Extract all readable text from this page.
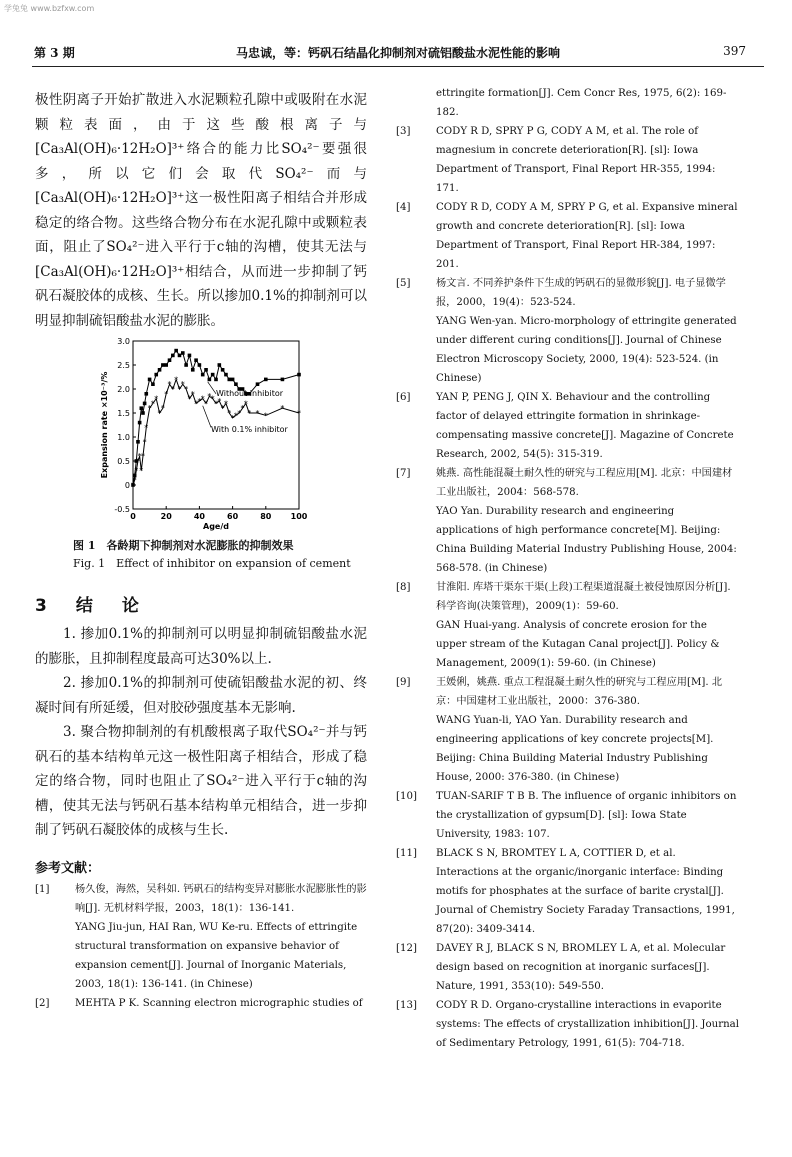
学兔兔 www.bzfxw.com
第 3 期	马忠诚，等：钙矾石结晶化抑制剂对硫铝酸盐水泥性能的影响	397

极性阴离子开始扩散进入水泥颗粒孔隙中或吸附在水泥颗粒表面，由于这些酸根离子与[Ca₃Al(OH)₆·12H₂O]³⁺络合的能力比SO₄²⁻要强很多，所以它们会取代SO₄²⁻而与[Ca₃Al(OH)₆·12H₂O]³⁺这一极性阳离子相结合并形成稳定的络合物。这些络合物分布在水泥孔隙中或颗粒表面，阻止了SO₄²⁻进入平行于c轴的沟槽，使其无法与[Ca₃Al(OH)₆·12H₂O]³⁺相结合，从而进一步抑制了钙矾石凝胶体的成核、生长。所以掺加0.1%的抑制剂可以明显抑制硫铝酸盐水泥的膨胀。

-0.5
0
0.5
1.0
1.5
2.0
2.5
3.0
0	20	40	60	80 100
Age/d
Expansion rate ×10⁻³/%
*
*
*
*
*
*
*
*
*
*
*
*
*
*
*
*
*
*
*
*
*
*
*
* * *
*
* *
* *
*
*
*
* * *
*
*
* * *
*
*
Without inhibitor
With 0.1% inhibitor
图 1　各龄期下抑制剂对水泥膨胀的抑制效果
Fig. 1　Effect of inhibitor on expansion of cement
3　结　论

1. 掺加0.1%的抑制剂可以明显抑制硫铝酸盐水泥的膨胀，且抑制程度最高可达30%以上.

2. 掺加0.1%的抑制剂可使硫铝酸盐水泥的初、终凝时间有所延缓，但对胶砂强度基本无影响.

3. 聚合物抑制剂的有机酸根离子取代SO₄²⁻并与钙矾石的基本结构单元这一极性阳离子相结合，形成了稳定的络合物，同时也阻止了SO₄²⁻进入平行于c轴的沟槽，使其无法与钙矾石基本结构单元相结合，进一步抑制了钙矾石凝胶体的成核与生长.

参考文献：

[1]	杨久俊，海然，吴科如. 钙矾石的结构变异对膨胀水泥膨胀性的影响[J]. 无机材料学报，2003，18(1)：136-141.
YANG Jiu-jun, HAI Ran, WU Ke-ru. Effects of ettringite structural transformation on expansive behavior of expansion cement[J]. Journal of Inorganic Materials, 2003, 18(1): 136-141. (in Chinese)

[2]	MEHTA P K. Scanning electron micrographic studies of

ettringite formation[J]. Cem Concr Res, 1975, 6(2): 169-182.

[3]	CODY R D, SPRY P G, CODY A M, et al. The role of magnesium in concrete deterioration[R]. [sl]: Iowa Department of Transport, Final Report HR-355, 1994: 171.

[4]	CODY R D, CODY A M, SPRY P G, et al. Expansive mineral growth and concrete deterioration[R]. [sl]: Iowa Department of Transport, Final Report HR-384, 1997: 201.

[5]	杨文言. 不同养护条件下生成的钙矾石的显微形貌[J]. 电子显微学报，2000，19(4)：523-524.
YANG Wen-yan. Micro-morphology of ettringite generated under different curing conditions[J]. Journal of Chinese Electron Microscopy Society, 2000, 19(4): 523-524. (in Chinese)

[6]	YAN P, PENG J, QIN X. Behaviour and the controlling factor of delayed ettringite formation in shrinkage-compensating massive concrete[J]. Magazine of Concrete Research, 2002, 54(5): 315-319.

[7]	姚燕. 高性能混凝土耐久性的研究与工程应用[M]. 北京：中国建材工业出版社，2004：568-578.
YAO Yan. Durability research and engineering applications of high performance concrete[M]. Beijing: China Building Material Industry Publishing House, 2004: 568-578. (in Chinese)

[8]	甘淮阳. 库塔干渠东干渠(上段)工程渠道混凝土被侵蚀原因分析[J]. 科学咨询(决策管理)，2009(1)：59-60.
GAN Huai-yang. Analysis of concrete erosion for the upper stream of the Kutagan Canal project[J]. Policy & Management, 2009(1): 59-60. (in Chinese)

[9]	王媛俐，姚燕. 重点工程混凝土耐久性的研究与工程应用[M]. 北京：中国建材工业出版社，2000：376-380.
WANG Yuan-li, YAO Yan. Durability research and engineering applications of key concrete projects[M]. Beijing: China Building Material Industry Publishing House, 2000: 376-380. (in Chinese)

[10] TUAN-SARIF T B B. The influence of organic inhibitors on the crystallization of gypsum[D]. [sl]: Iowa State University, 1983: 107.

[11] BLACK S N, BROMTEY L A, COTTIER D, et al. Interactions at the organic/inorganic interface: Binding motifs for phosphates at the surface of barite crystal[J]. Journal of Chemistry Society Faraday Transactions, 1991, 87(20): 3409-3414.

[12] DAVEY R J, BLACK S N, BROMLEY L A, et al. Molecular design based on recognition at inorganic surfaces[J]. Nature, 1991, 353(10): 549-550.

[13] CODY R D. Organo-crystalline interactions in evaporite systems: The effects of crystallization inhibition[J]. Journal of Sedimentary Petrology, 1991, 61(5): 704-718.
